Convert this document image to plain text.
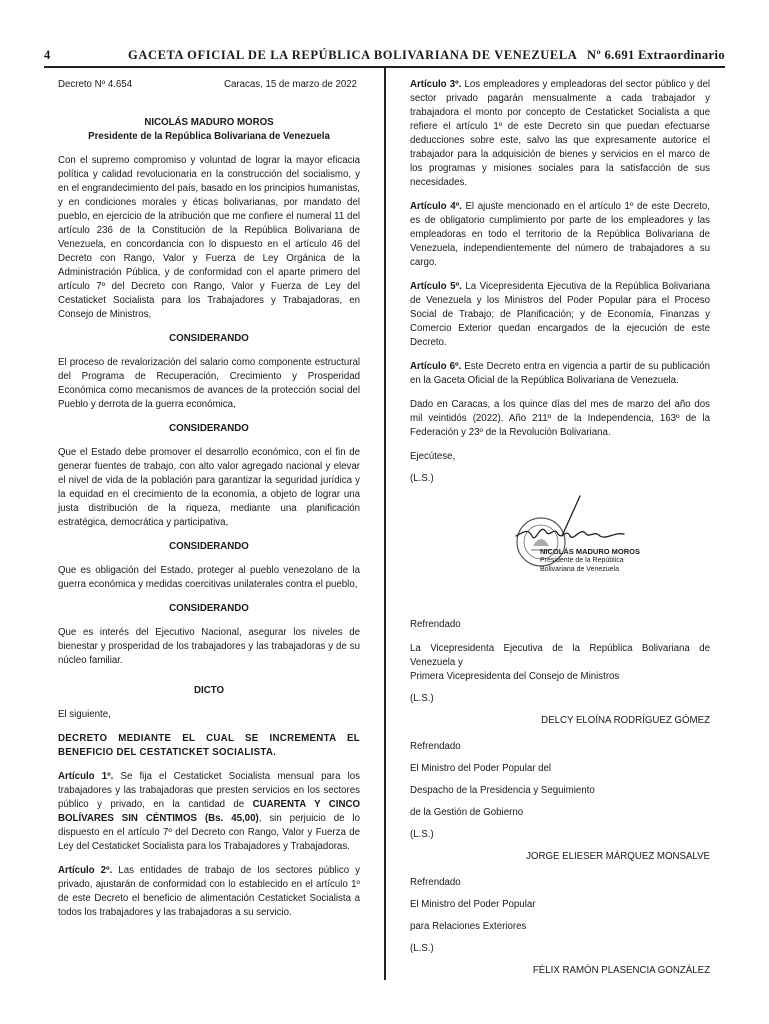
4	GACETA OFICIAL DE LA REPÚBLICA BOLIVARIANA DE VENEZUELA Nº 6.691 Extraordinario
Decreto Nº 4.654	Caracas, 15 de marzo de 2022
NICOLÁS MADURO MOROS
Presidente de la República Bolivariana de Venezuela

Con el supremo compromiso y voluntad de lograr la mayor eficacia política y calidad revolucionaria en la construcción del socialismo, y en el engrandecimiento del país, basado en los principios humanistas, y en condiciones morales y éticas bolivarianas, por mandato del pueblo, en ejercicio de la atribución que me confiere el numeral 11 del artículo 236 de la Constitución de la República Bolivariana de Venezuela, en concordancia con lo dispuesto en el artículo 46 del Decreto con Rango, Valor y Fuerza de Ley Orgánica de la Administración Pública, y de conformidad con el aparte primero del artículo 7º del Decreto con Rango, Valor y Fuerza de Ley del Cestaticket Socialista para los Trabajadores y Trabajadoras, en Consejo de Ministros,

CONSIDERANDO

El proceso de revalorización del salario como componente estructural del Programa de Recuperación, Crecimiento y Prosperidad Económica como mecanismos de avances de la protección social del Pueblo y derrota de la guerra económica,

CONSIDERANDO

Que el Estado debe promover el desarrollo económico, con el fin de generar fuentes de trabajo, con alto valor agregado nacional y elevar el nivel de vida de la población para garantizar la seguridad jurídica y la equidad en el crecimiento de la economía, a objeto de lograr una justa distribución de la riqueza, mediante una planificación estratégica, democrática y participativa,

CONSIDERANDO

Que es obligación del Estado, proteger al pueblo venezolano de la guerra económica y medidas coercitivas unilaterales contra el pueblo,

CONSIDERANDO

Que es interés del Ejecutivo Nacional, asegurar los niveles de bienestar y prosperidad de los trabajadores y las trabajadoras y de su núcleo familiar.

DICTO

El siguiente,

DECRETO MEDIANTE EL CUAL SE INCREMENTA EL BENEFICIO DEL CESTATICKET SOCIALISTA.

Artículo 1º. Se fija el Cestaticket Socialista mensual para los trabajadores y las trabajadoras que presten servicios en los sectores público y privado, en la cantidad de CUARENTA Y CINCO BOLÍVARES SIN CÉNTIMOS (Bs. 45,00), sin perjuicio de lo dispuesto en el artículo 7º del Decreto con Rango, Valor y Fuerza de Ley del Cestaticket Socialista para los Trabajadores y Trabajadoras.

Artículo 2º. Las entidades de trabajo de los sectores público y privado, ajustarán de conformidad con lo establecido en el artículo 1º de este Decreto el beneficio de alimentación Cestaticket Socialista a todos los trabajadores y las trabajadoras a su servicio.

Artículo 3º. Los empleadores y empleadoras del sector público y del sector privado pagarán mensualmente a cada trabajador y trabajadora el monto por concepto de Cestaticket Socialista a que refiere el artículo 1º de este Decreto sin que puedan efectuarse deducciones sobre este, salvo las que expresamente autorice el trabajador para la adquisición de bienes y servicios en el marco de los programas y misiones sociales para la satisfacción de sus necesidades.

Artículo 4º. El ajuste mencionado en el artículo 1º de este Decreto, es de obligatorio cumplimiento por parte de los empleadores y las empleadoras en todo el territorio de la República Bolivariana de Venezuela, independientemente del número de trabajadores a su cargo.

Artículo 5º. La Vicepresidenta Ejecutiva de la República Bolivariana de Venezuela y los Ministros del Poder Popular para el Proceso Social de Trabajo; de Planificación; y de Economía, Finanzas y Comercio Exterior quedan encargados de la ejecución de este Decreto.

Artículo 6º. Este Decreto entra en vigencia a partir de su publicación en la Gaceta Oficial de la República Bolivariana de Venezuela.

Dado en Caracas, a los quince días del mes de marzo del año dos mil veintidós (2022). Año 211º de la Independencia, 163º de la Federación y 23º de la Revolución Bolivariana.

Ejecútese,

(L.S.)

NICOLÁS MADURO MOROS
Presidente de la República
Bolivariana de Venezuela

Refrendado

La Vicepresidenta Ejecutiva de la República Bolivariana de Venezuela y

Primera Vicepresidenta del Consejo de Ministros

(L.S.)

DELCY ELOÍNA RODRÍGUEZ GÓMEZ

Refrendado

El Ministro del Poder Popular del

Despacho de la Presidencia y Seguimiento

de la Gestión de Gobierno

(L.S.)

JORGE ELIESER MÁRQUEZ MONSALVE

Refrendado

El Ministro del Poder Popular

para Relaciones Exteriores

(L.S.)

FÉLIX RAMÓN PLASENCIA GONZÁLEZ
